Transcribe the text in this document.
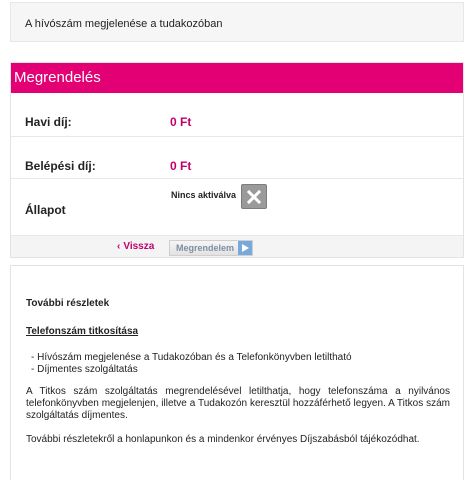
A hívószám megjelenése a tudakozóban
Megrendelés
Havi díj:	0 Ft
Belépési díj:	0 Ft
Állapot
Nincs aktiválva
‹ Vissza Megrendelem
További részletek
Telefonszám titkosítása
- Hívószám megjelenése a Tudakozóban és a Telefonkönyvben letiltható
- Díjmentes szolgáltatás

A Titkos szám szolgáltatás megrendelésével letilthatja, hogy telefonszáma a nyilvános telefonkönyvben megjelenjen, illetve a Tudakozón keresztül hozzáférhető legyen. A Titkos szám szolgáltatás díjmentes.

További részletekről a honlapunkon és a mindenkor érvényes Díjszabásból tájékozódhat.
